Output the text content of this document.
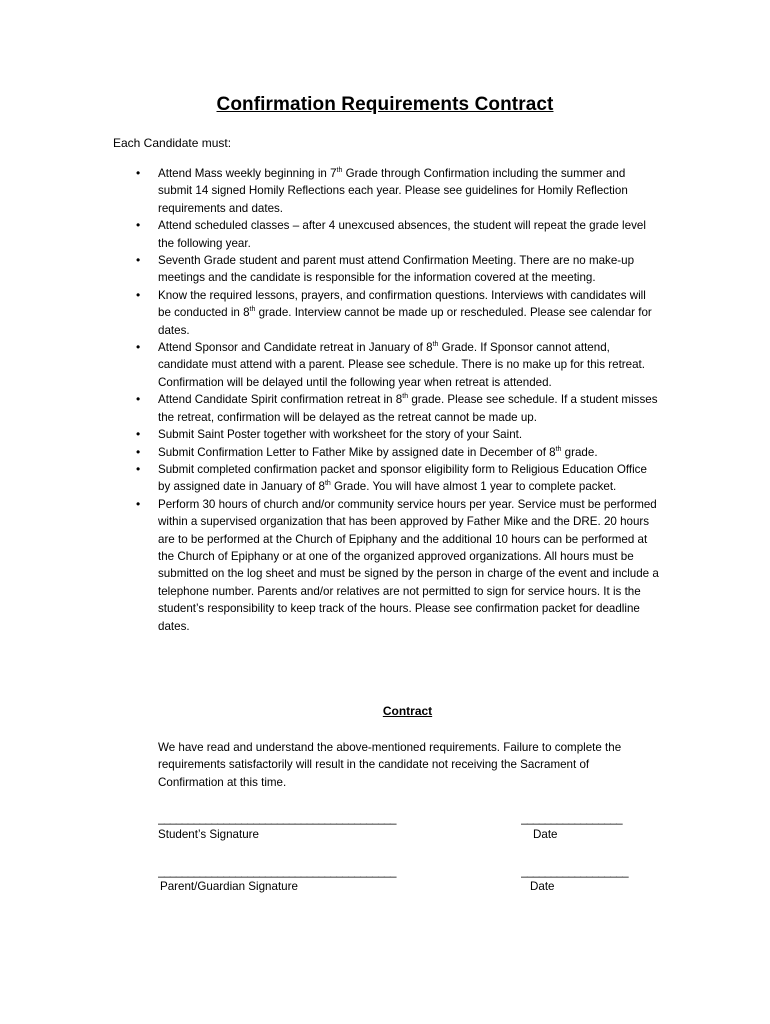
Confirmation Requirements Contract
Each Candidate must:
• Attend Mass weekly beginning in 7th Grade through Confirmation including the summer and submit 14 signed Homily Reflections each year. Please see guidelines for Homily Reflection requirements and dates.
• Attend scheduled classes – after 4 unexcused absences, the student will repeat the grade level the following year.
• Seventh Grade student and parent must attend Confirmation Meeting. There are no make-up meetings and the candidate is responsible for the information covered at the meeting.
• Know the required lessons, prayers, and confirmation questions. Interviews with candidates will be conducted in 8th grade. Interview cannot be made up or rescheduled. Please see calendar for dates.
• Attend Sponsor and Candidate retreat in January of 8th Grade. If Sponsor cannot attend, candidate must attend with a parent. Please see schedule. There is no make up for this retreat. Confirmation will be delayed until the following year when retreat is attended.
• Attend Candidate Spirit confirmation retreat in 8th grade. Please see schedule. If a student misses the retreat, confirmation will be delayed as the retreat cannot be made up.
• Submit Saint Poster together with worksheet for the story of your Saint.
• Submit Confirmation Letter to Father Mike by assigned date in December of 8th grade.
• Submit completed confirmation packet and sponsor eligibility form to Religious Education Office by assigned date in January of 8th Grade. You will have almost 1 year to complete packet.
• Perform 30 hours of church and/or community service hours per year. Service must be performed within a supervised organization that has been approved by Father Mike and the DRE. 20 hours are to be performed at the Church of Epiphany and the additional 10 hours can be performed at the Church of Epiphany or at one of the organized approved organizations. All hours must be submitted on the log sheet and must be signed by the person in charge of the event and include a telephone number. Parents and/or relatives are not permitted to sign for service hours. It is the student’s responsibility to keep track of the hours. Please see confirmation packet for deadline dates.
Contract
We have read and understand the above-mentioned requirements. Failure to complete the requirements satisfactorily will result in the candidate not receiving the Sacrament of Confirmation at this time.
________________________________________
Student’s Signature
_________________
Date
________________________________________
Parent/Guardian Signature
__________________
Date
